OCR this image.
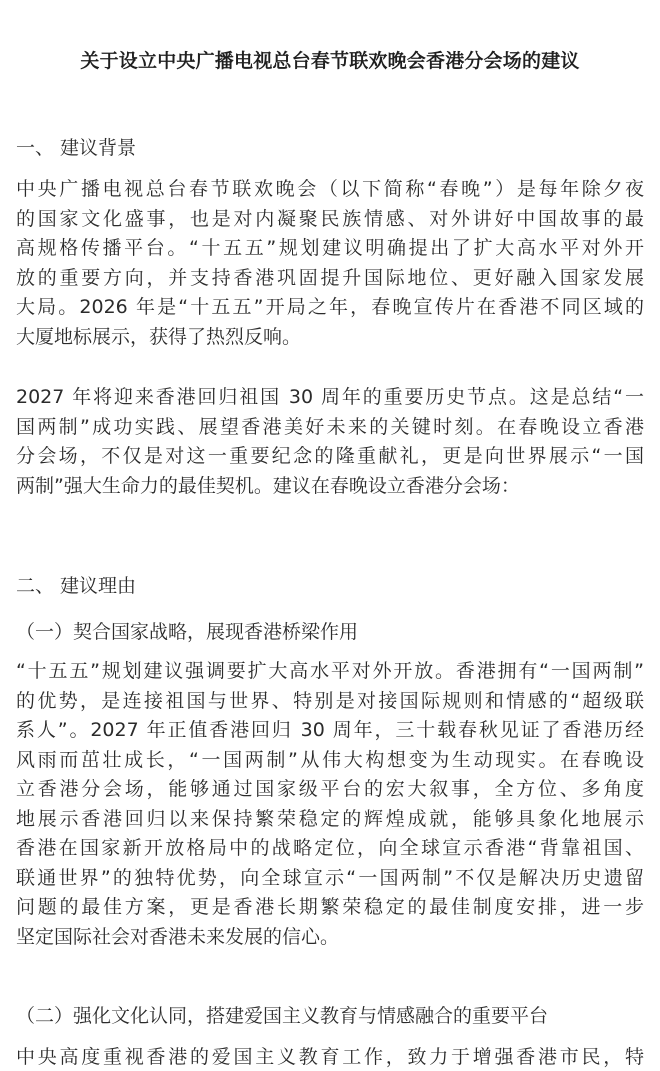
关于设立中央广播电视总台春节联欢晚会香港分会场的建议
一、 建议背景
中央广播电视总台春节联欢晚会（以下简称“春晚”）是每年除夕夜
的国家文化盛事，也是对内凝聚民族情感、对外讲好中国故事的最
高规格传播平台。“十五五”规划建议明确提出了扩大高水平对外开
放的重要方向，并支持香港巩固提升国际地位、更好融入国家发展
大局。2026 年是“十五五”开局之年，春晚宣传片在香港不同区域的
大厦地标展示，获得了热烈反响。
2027 年将迎来香港回归祖国 30 周年的重要历史节点。这是总结“一
国两制”成功实践、展望香港美好未来的关键时刻。在春晚设立香港
分会场，不仅是对这一重要纪念的隆重献礼，更是向世界展示“一国
两制”强大生命力的最佳契机。建议在春晚设立香港分会场：
二、 建议理由
（一）契合国家战略，展现香港桥梁作用
“十五五”规划建议强调要扩大高水平对外开放。香港拥有“一国两制”
的优势，是连接祖国与世界、特别是对接国际规则和情感的“超级联
系人”。2027 年正值香港回归 30 周年，三十载春秋见证了香港历经
风雨而茁壮成长，“一国两制”从伟大构想变为生动现实。在春晚设
立香港分会场，能够通过国家级平台的宏大叙事，全方位、多角度
地展示香港回归以来保持繁荣稳定的辉煌成就，能够具象化地展示
香港在国家新开放格局中的战略定位，向全球宣示香港“背靠祖国、
联通世界”的独特优势，向全球宣示“一国两制”不仅是解决历史遗留
问题的最佳方案，更是香港长期繁荣稳定的最佳制度安排，进一步
坚定国际社会对香港未来发展的信心。
（二）强化文化认同，搭建爱国主义教育与情感融合的重要平台
中央高度重视香港的爱国主义教育工作，致力于增强香港市民，特
